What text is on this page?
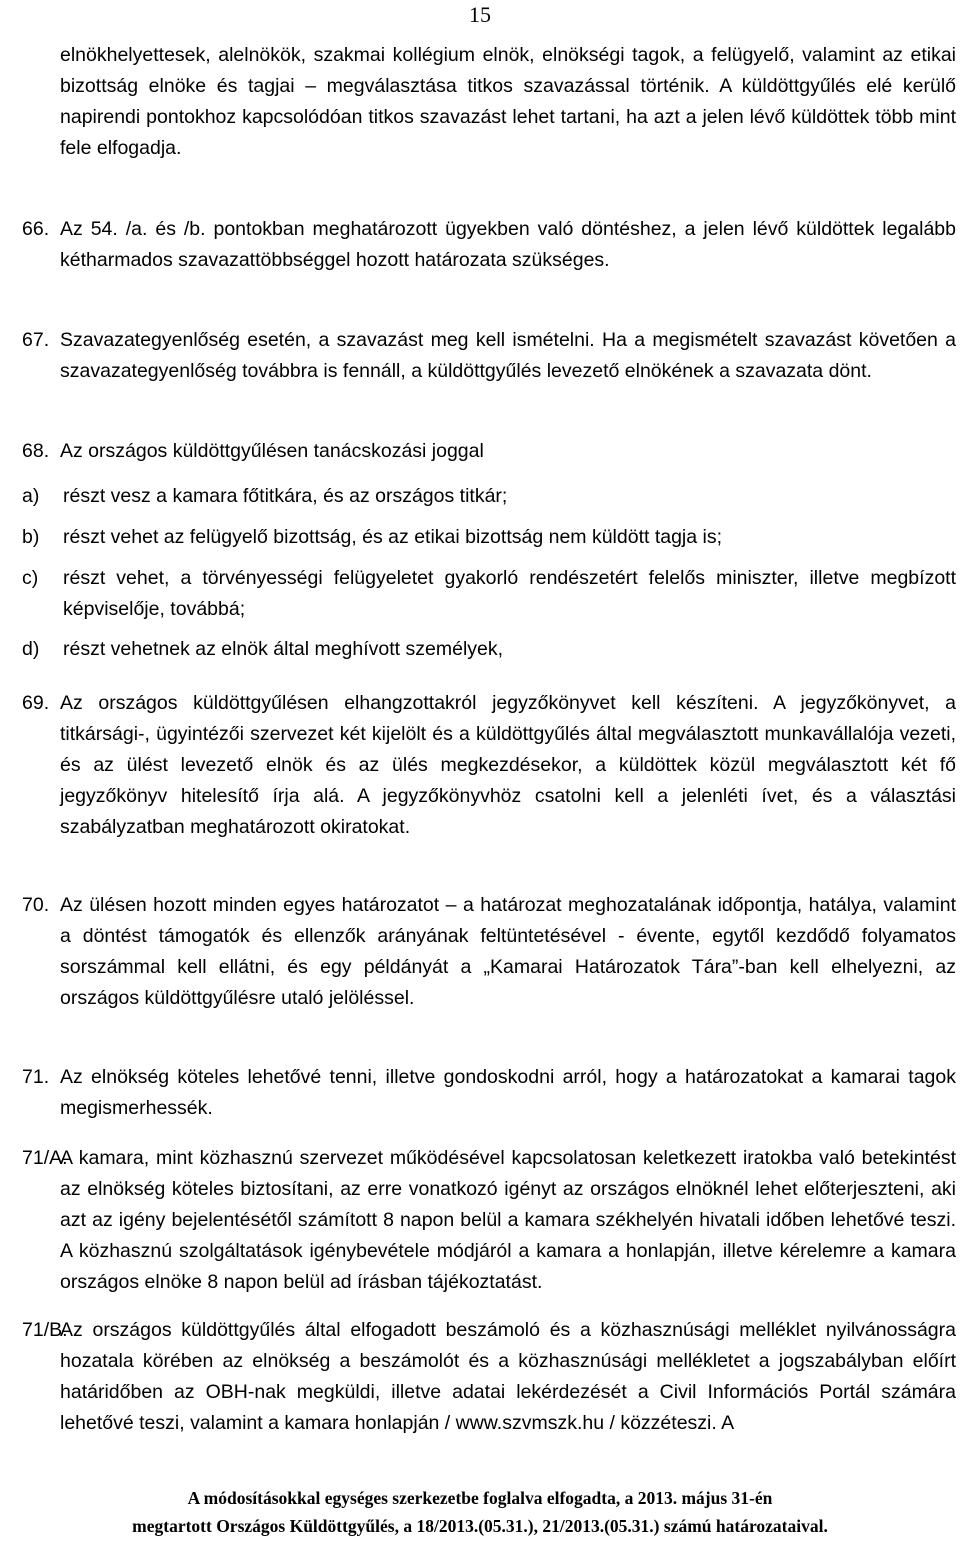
15
elnökhelyettesek, alelnökök, szakmai kollégium elnök, elnökségi tagok, a felügyelő, valamint az etikai bizottság elnöke és tagjai – megválasztása titkos szavazással történik. A küldöttgyűlés elé kerülő napirendi pontokhoz kapcsolódóan titkos szavazást lehet tartani, ha azt a jelen lévő küldöttek több mint fele elfogadja.
66. Az 54. /a. és /b. pontokban meghatározott ügyekben való döntéshez, a jelen lévő küldöttek legalább kétharmados szavazattöbbséggel hozott határozata szükséges.
67. Szavazategyenlőség esetén, a szavazást meg kell ismételni. Ha a megismételt szavazást követően a szavazategyenlőség továbbra is fennáll, a küldöttgyűlés levezető elnökének a szavazata dönt.
68. Az országos küldöttgyűlésen tanácskozási joggal
a) részt vesz a kamara főtitkára, és az országos titkár;
b) részt vehet az felügyelő bizottság, és az etikai bizottság nem küldött tagja is;
c) részt vehet, a törvényességi felügyeletet gyakorló rendészetért felelős miniszter, illetve megbízott képviselője, továbbá;
d) részt vehetnek az elnök által meghívott személyek,
69. Az országos küldöttgyűlésen elhangzottakról jegyzőkönyvet kell készíteni. A jegyzőkönyvet, a titkársági-, ügyintézői szervezet két kijelölt és a küldöttgyűlés által megválasztott munkavállalója vezeti, és az ülést levezető elnök és az ülés megkezdésekor, a küldöttek közül megválasztott két fő jegyzőkönyv hitelesítő írja alá. A jegyzőkönyvhöz csatolni kell a jelenléti ívet, és a választási szabályzatban meghatározott okiratokat.
70. Az ülésen hozott minden egyes határozatot – a határozat meghozatalának időpontja, hatálya, valamint a döntést támogatók és ellenzők arányának feltüntetésével - évente, egytől kezdődő folyamatos sorszámmal kell ellátni, és egy példányát a „Kamarai Határozatok Tára”-ban kell elhelyezni, az országos küldöttgyűlésre utaló jelöléssel.
71. Az elnökség köteles lehetővé tenni, illetve gondoskodni arról, hogy a határozatokat a kamarai tagok megismerhessék.
71/A.
A kamara, mint közhasznú szervezet működésével kapcsolatosan keletkezett iratokba való betekintést az elnökség köteles biztosítani, az erre vonatkozó igényt az országos elnöknél lehet előterjeszteni, aki azt az igény bejelentésétől számított 8 napon belül a kamara székhelyén hivatali időben lehetővé teszi. A közhasznú szolgáltatások igénybevétele módjáról a kamara a honlapján, illetve kérelemre a kamara országos elnöke 8 napon belül ad írásban tájékoztatást.
71/B.
Az országos küldöttgyűlés által elfogadott beszámoló és a közhasznúsági melléklet nyilvánosságra hozatala körében az elnökség a beszámolót és a közhasznúsági mellékletet a jogszabályban előírt határidőben az OBH-nak megküldi, illetve adatai lekérdezését a Civil Információs Portál számára lehetővé teszi, valamint a kamara honlapján / www.szvmszk.hu / közzéteszi. A
A módosításokkal egységes szerkezetbe foglalva elfogadta, a 2013. május 31-én
megtartott Országos Küldöttgyűlés, a 18/2013.(05.31.), 21/2013.(05.31.) számú határozataival.
